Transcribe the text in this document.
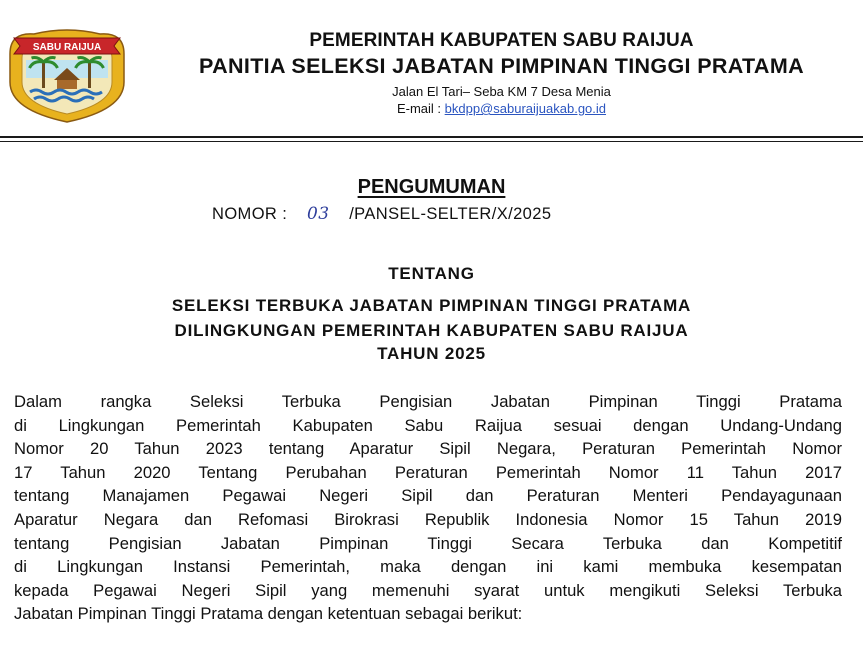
SABU RAIJUA	PEMERINTAH KABUPATEN SABU RAIJUA
PANITIA SELEKSI JABATAN PIMPINAN TINGGI PRATAMA
Jalan El Tari– Seba KM 7 Desa Menia
E-mail : bkdpp@saburaijuakab.go.id
PENGUMUMAN
NOMOR : 03 /PANSEL-SELTER/X/2025
TENTANG
SELEKSI TERBUKA JABATAN PIMPINAN TINGGI PRATAMA
DILINGKUNGAN PEMERINTAH KABUPATEN SABU RAIJUA
TAHUN 2025
Dalam rangka Seleksi Terbuka Pengisian Jabatan Pimpinan Tinggi Pratama
di Lingkungan Pemerintah Kabupaten Sabu Raijua sesuai dengan Undang-Undang
Nomor 20 Tahun 2023 tentang Aparatur Sipil Negara, Peraturan Pemerintah Nomor
17 Tahun 2020 Tentang Perubahan Peraturan Pemerintah Nomor 11 Tahun 2017
tentang Manajamen Pegawai Negeri Sipil dan Peraturan Menteri Pendayagunaan
Aparatur Negara dan Refomasi Birokrasi Republik Indonesia Nomor 15 Tahun 2019
tentang Pengisian Jabatan Pimpinan Tinggi Secara Terbuka dan Kompetitif
di Lingkungan Instansi Pemerintah, maka dengan ini kami membuka kesempatan
kepada Pegawai Negeri Sipil yang memenuhi syarat untuk mengikuti Seleksi Terbuka
Jabatan Pimpinan Tinggi Pratama dengan ketentuan sebagai berikut:
